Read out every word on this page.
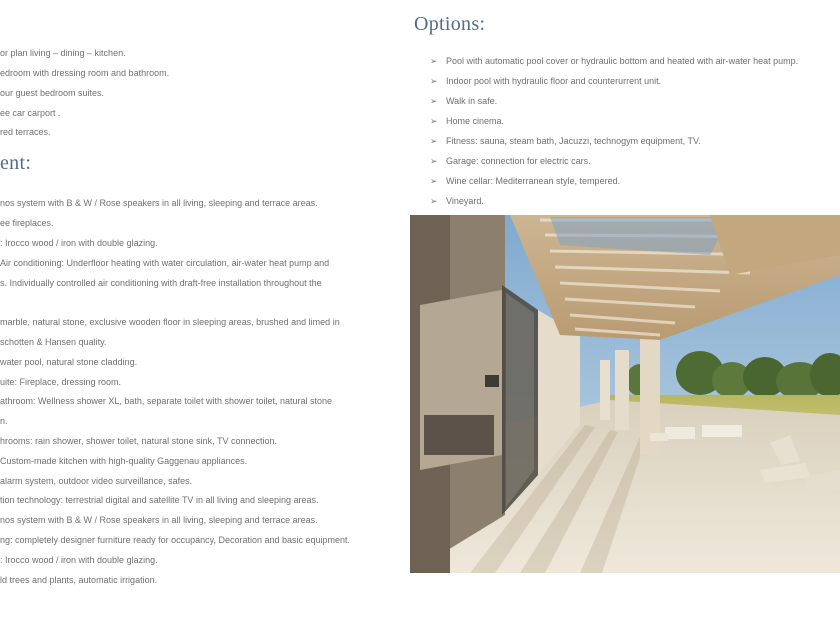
or plan living – dining – kitchen.
edroom with dressing room and bathroom.
our guest bedroom suites.
ee car carport .
red terraces.
ent:
nos system with B & W / Rose speakers in all living, sleeping and terrace areas.
ee fireplaces.
: Irocco wood / iron with double glazing.
Air conditioning: Underfloor heating with water circulation, air-water heat pump and
s. Individually controlled air conditioning with draft-free installation throughout the
marble, natural stone, exclusive wooden floor in sleeping areas, brushed and limed in
schotten & Hansen quality.
water pool, natural stone cladding.
uite: Fireplace, dressing room.
athroom: Wellness shower XL, bath, separate toilet with shower toilet, natural stone
n.
hrooms: rain shower, shower toilet, natural stone sink, TV connection.
Custom-made kitchen with high-quality Gaggenau appliances.
alarm system, outdoor video surveillance, safes.
tion technology: terrestrial digital and satellite TV in all living and sleeping areas.
nos system with B & W / Rose speakers in all living, sleeping and terrace areas.
ng: completely designer furniture ready for occupancy, Decoration and basic equipment.
: Irocco wood / iron with double glazing.
ld trees and plants, automatic irrigation.
Options:
➢ Pool with automatic pool cover or hydraulic bottom and heated with air-water heat pump.
➢ Indoor pool with hydraulic floor and counterurrent unit.
➢ Walk in safe.
➢ Home cinema.
➢ Fitness: sauna, steam bath, Jacuzzi, technogym equipment, TV.
➢ Garage: connection for electric cars.
➢ Wine cellar: Mediterranean style, tempered.
➢ Vineyard.
